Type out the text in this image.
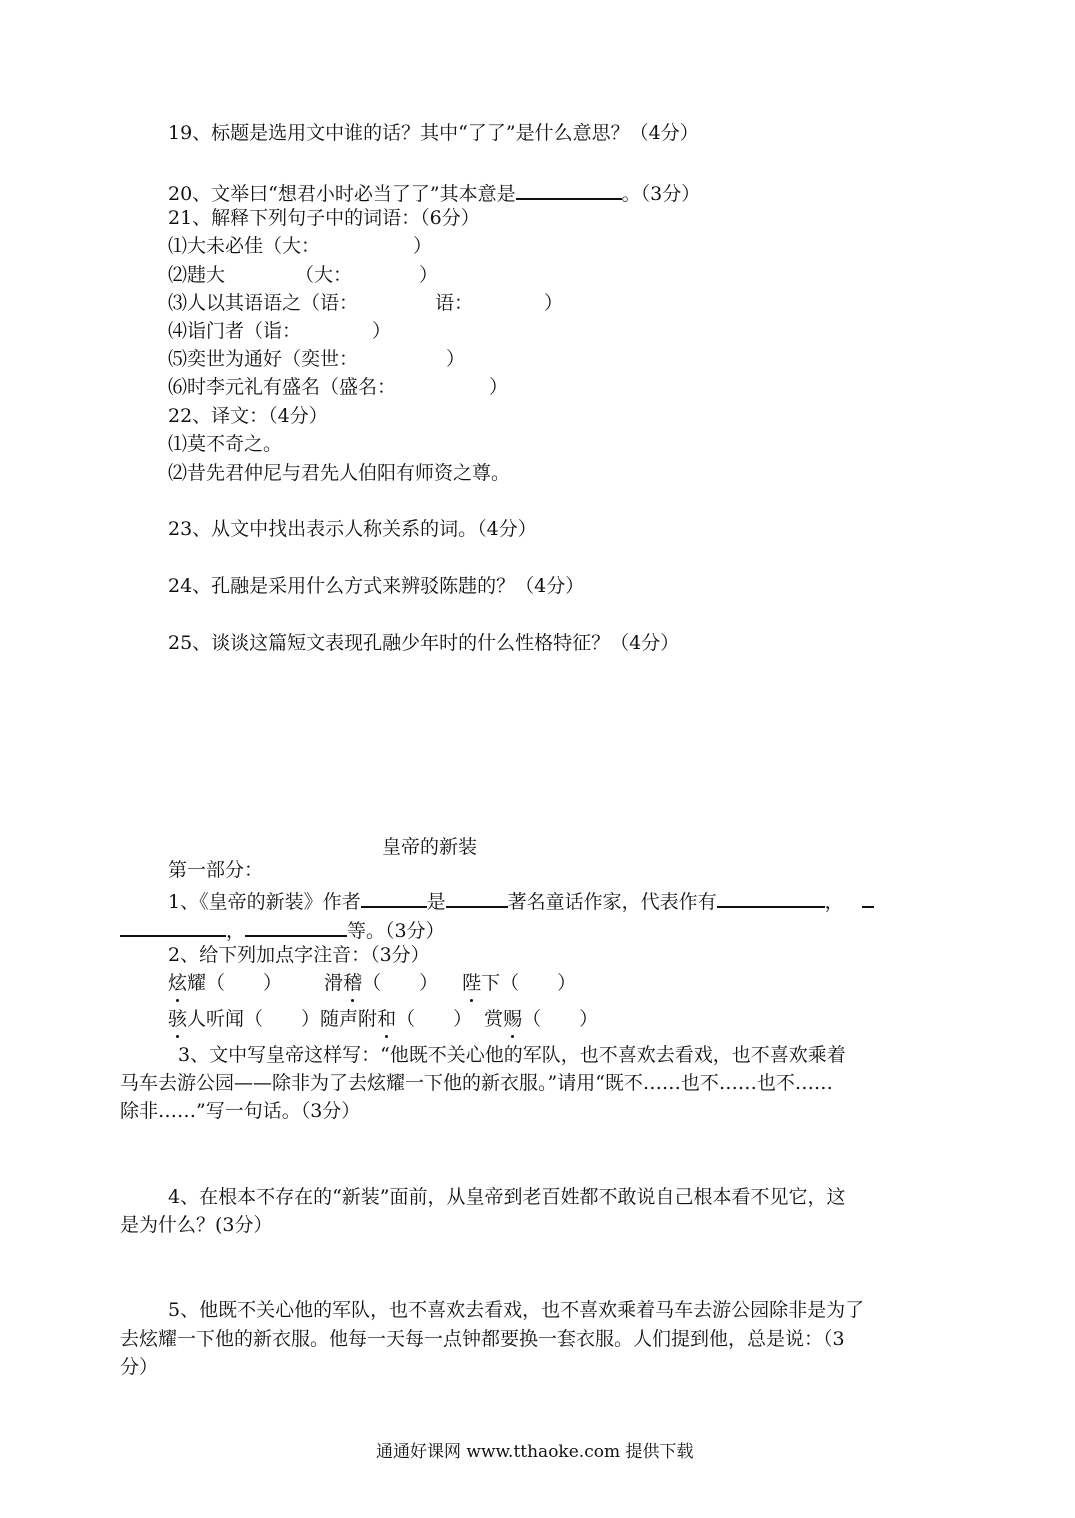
19、标题是选用文中谁的话？其中“了了”是什么意思？（4分）
20、文举曰“想君小时必当了了”其本意是	。（3分）
21、解释下列句子中的词语：（6分）
⑴大未必佳（大：	）
⑵韪大	（大：	）
⑶人以其语语之（语：	语：	）
⑷诣门者（诣：	）
⑸奕世为通好（奕世：	）
⑹时李元礼有盛名（盛名：	）
22、译文：（4分）
⑴莫不奇之。
⑵昔先君仲尼与君先人伯阳有师资之尊。
23、从文中找出表示人称关系的词。（4分）
24、孔融是采用什么方式来辨驳陈韪的？（4分）
25、谈谈这篇短文表现孔融少年时的什么性格特征？（4分）
皇帝的新装
第一部分：
1、《皇帝的新装》作者	是	著名童话作家，代表作有	，
，	等。（3分）
2、给下列加点字注音：（3分）
炫耀（　　） 滑稽（　　） 陛下（　　）
骇人听闻（　　）随声附和（　　） 赏赐（　　）
3、文中写皇帝这样写：“他既不关心他的军队，也不喜欢去看戏，也不喜欢乘着
马车去游公园——除非为了去炫耀一下他的新衣服。”请用“既不……也不……也不……
除非……”写一句话。（3分）
4、在根本不存在的“新装”面前，从皇帝到老百姓都不敢说自己根本看不见它，这
是为什么？(3分）
5、他既不关心他的军队，也不喜欢去看戏，也不喜欢乘着马车去游公园除非是为了
去炫耀一下他的新衣服。他每一天每一点钟都要换一套衣服。人们提到他，总是说：（3
分）
通通好课网 www.tthaoke.com 提供下载
